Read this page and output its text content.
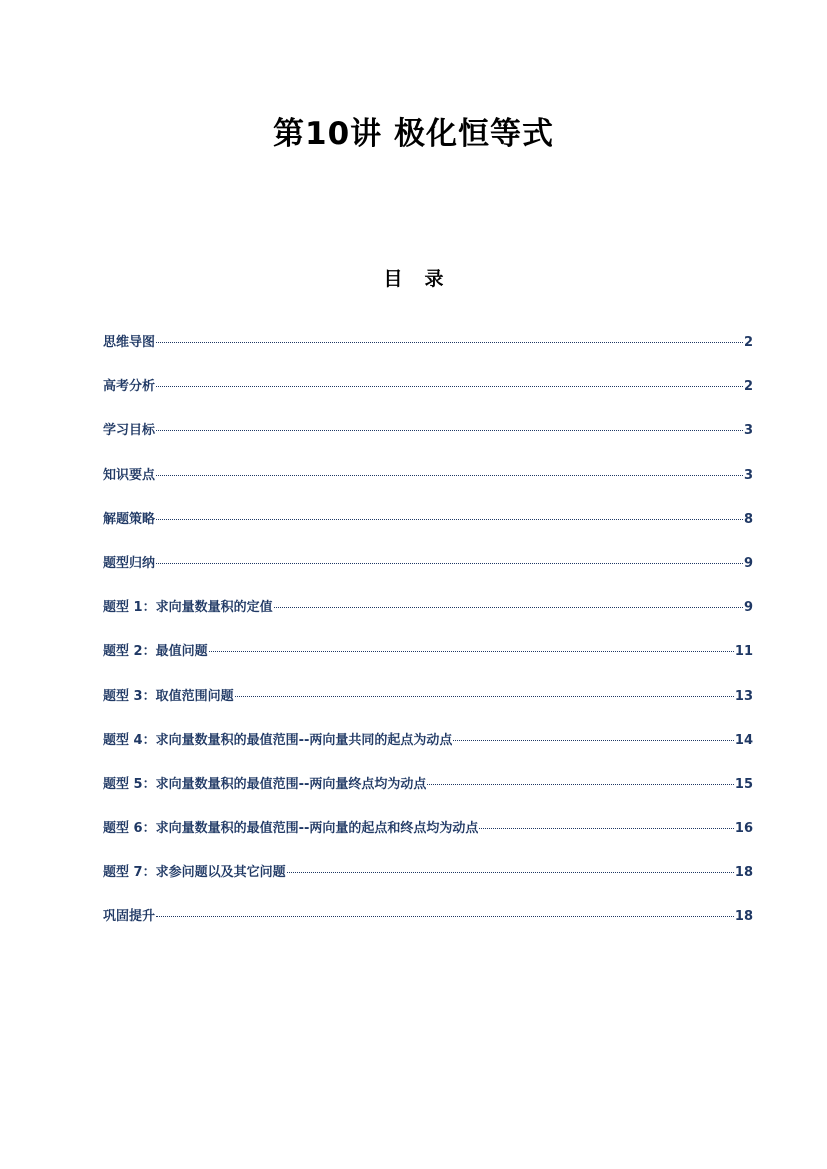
第10讲 极化恒等式
目录
思维导图	2
高考分析	2
学习目标	3
知识要点	3
解题策略	8
题型归纳	9
题型 1：求向量数量积的定值	9
题型 2：最值问题	11
题型 3：取值范围问题	13
题型 4：求向量数量积的最值范围--两向量共同的起点为动点	14
题型 5：求向量数量积的最值范围--两向量终点均为动点	15
题型 6：求向量数量积的最值范围--两向量的起点和终点均为动点	16
题型 7：求参问题以及其它问题	18
巩固提升	18
